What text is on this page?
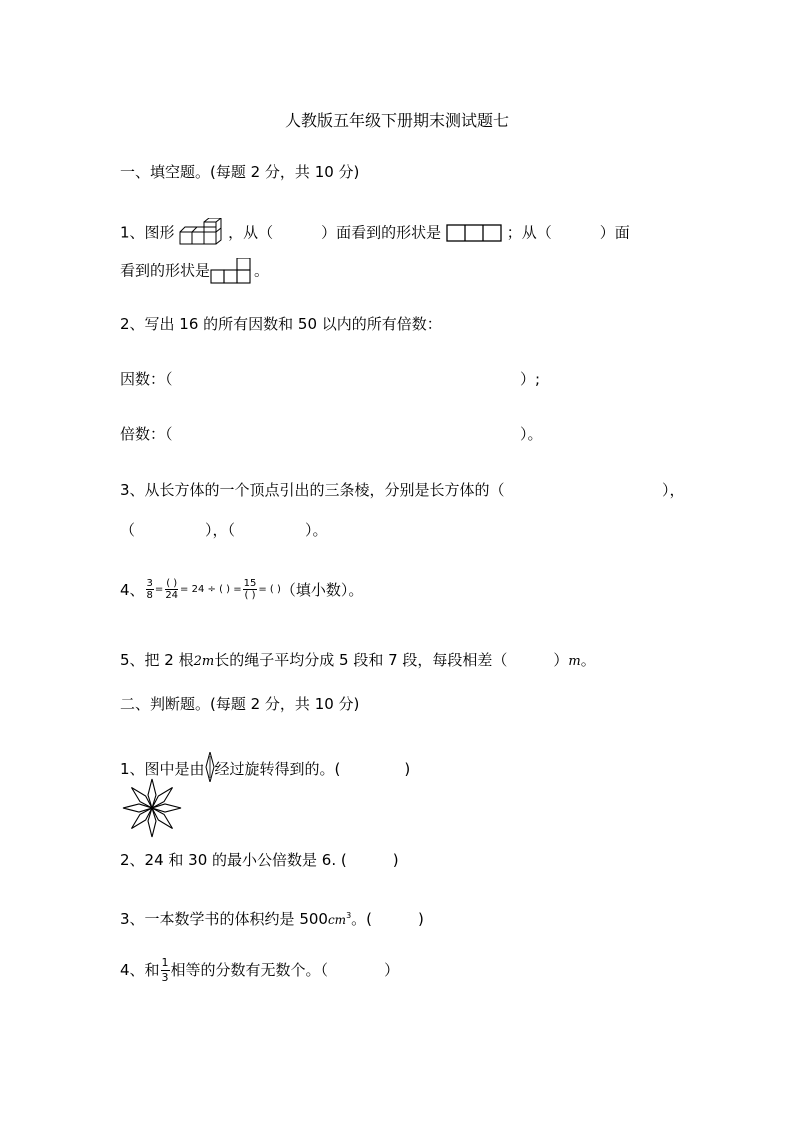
人教版五年级下册期末测试题七
一、填空题。(每题 2 分，共 10 分)
1、图形	，从（	）面看到的形状是	；从（	）面
看到的形状是	。
2、写出 16 的所有因数和 50 以内的所有倍数：
因数：（	）;
倍数：（	）。
3、从长方体的一个顶点引出的三条棱，分别是长方体的（	），
（	），（	）。
4、 $\frac{3}{8} = \frac{( )}{24} = 24$ ÷ ( ) = $\frac{15}{( )}$ = ( ) （填小数）。
5、把 2 根2m长的绳子平均分成 5 段和 7 段，每段相差（	）m。
二、判断题。(每题 2 分，共 10 分)
1、图中是由 经过旋转得到的。(	)
2、24 和 30 的最小公倍数是 6. (	)
3、一本数学书的体积约是 $500cm^3$。(	)
4、和 $\frac{1}{3}$ 相等的分数有无数个。（	）
